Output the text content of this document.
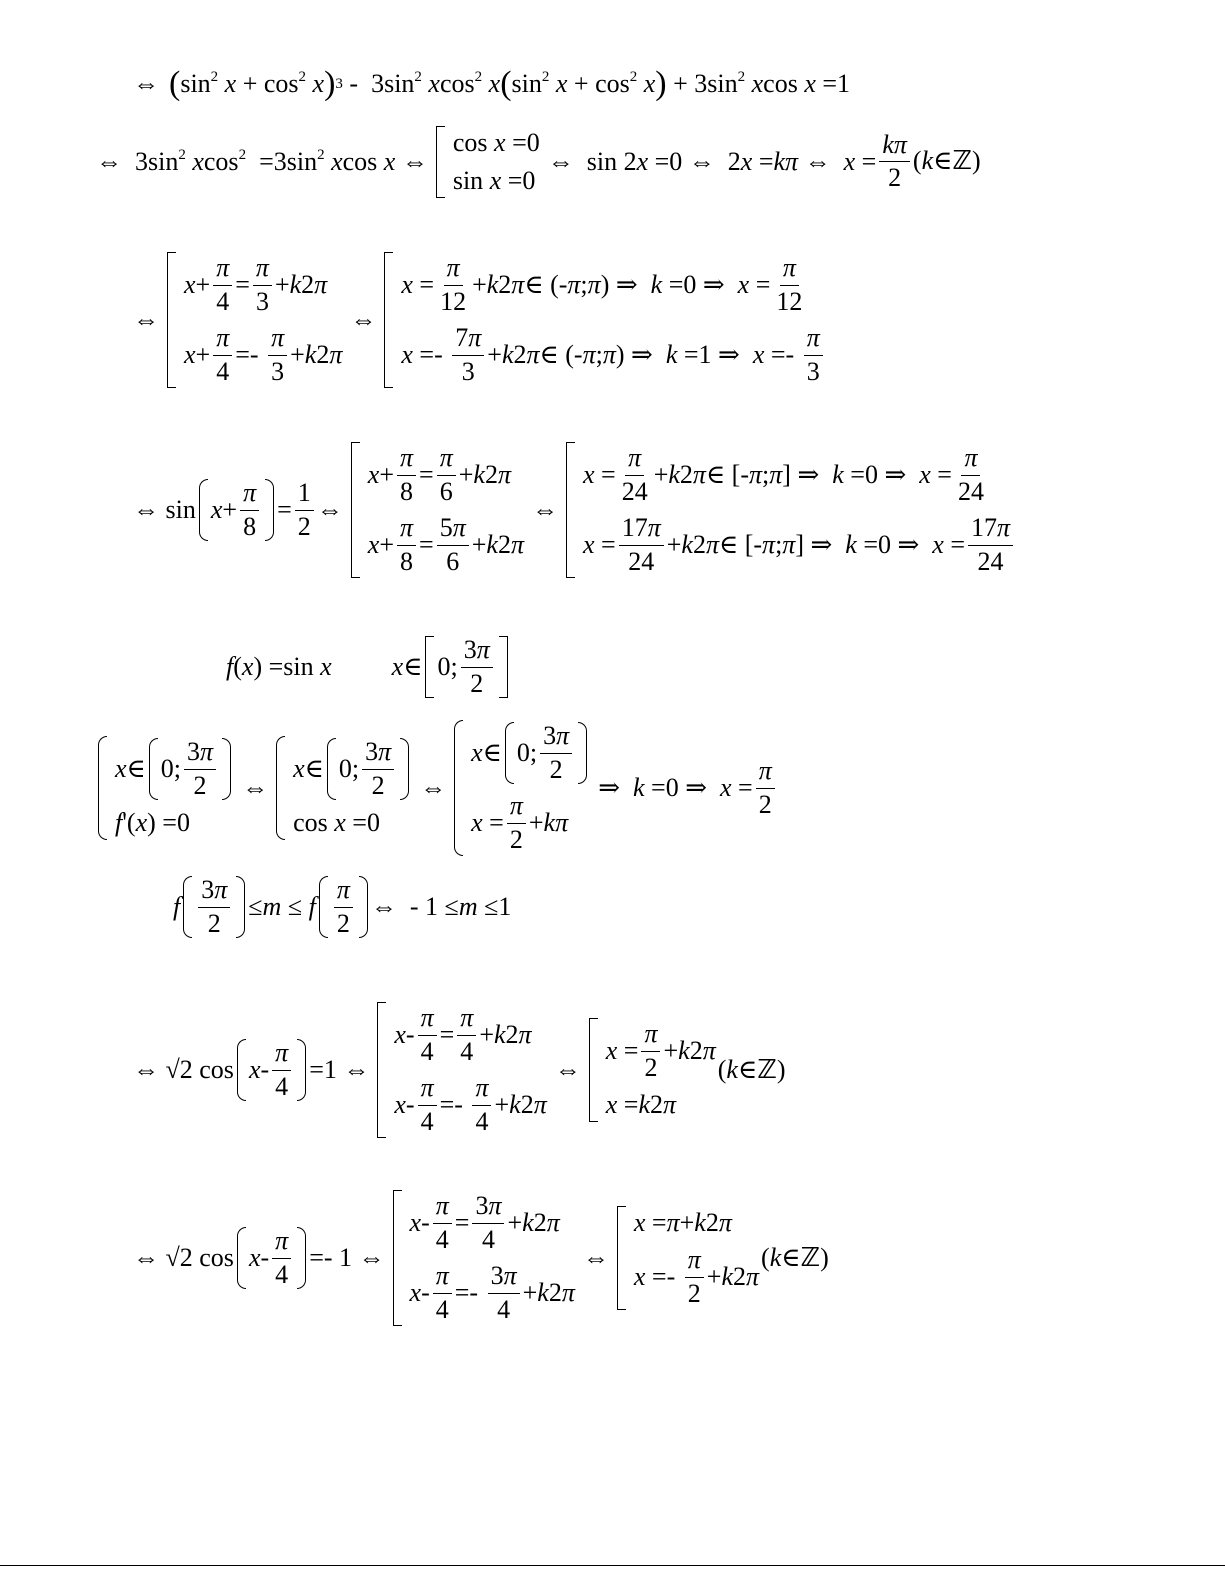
⇔ ( $\sin^2 x + \cos^2 x$ ) $3 - 3\sin^2$ xcos$^2$ x ( $\sin^2 x + \cos^2 x$ ) + $3\sin^2$ xcos x =1
⇔  $3\sin^2$ $xcos^2 =3\sin^2$ xcos x ⇔
cos x =0
sin x =0
⇔  sin 2x =0 ⇔  2x =kπ ⇔  $x = \frac{k\pi}{2}$ (k∈ℤ)
⇔
$x + \frac{\pi}{4} = \frac{\pi}{3} + k$ 2 π
$x + \frac{\pi}{4} =- \frac{\pi}{3} + k$ 2 π
⇔
$x = \frac{\pi}{12} + k$ 2 π ∈ (- π ; π ) ⇒ k =0 ⇒ $x = \frac{\pi}{12}$
$x =- \frac{7\pi}{3} + k$ 2 π ∈ (- π ; π ) ⇒ k =1 ⇒ $x =- \frac{\pi}{3}$
⇔ $\sin x + \frac{\pi}{8} = \frac{1}{2}$ ⇔
$x + \frac{\pi}{8} = \frac{\pi}{6} + k$ 2 π
$x + \frac{\pi}{8} = \frac{5\pi}{6} + k$ 2 π
⇔
$x = \frac{\pi}{24} + k$ 2 π ∈ [- π ; π ] ⇒ k =0 ⇒ $x = \frac{\pi}{24}$
$x = \frac{17\pi}{24} + k$ 2 π ∈ [- π ; π ] ⇒ k =0 ⇒ $x = \frac{17\pi}{24}$
f(x) =sin x x∈ 0; $\frac{3\pi}{2}$
x ∈ 0; $\frac{3\pi}{2}$
f '( x ) =0
⇔
x ∈ 0; $\frac{3\pi}{2}$
cos x =0
⇔
x ∈ 0; $\frac{3\pi}{2}$
$x = \frac{\pi}{2} + k\pi$
⇒  k =0 ⇒  $x = \frac{\pi}{2}$
f $\frac{3\pi}{2} \le m \le f \frac{\pi}{2}$ ⇔  - 1 ≤m ≤1
⇔ √2 $\cos x - \frac{\pi}{4} =1$ ⇔
$x - \frac{\pi}{4} = \frac{\pi}{4} + k$ 2 π
$x - \frac{\pi}{4} =- \frac{\pi}{4} + k$ 2 π
⇔
$x = \frac{\pi}{2} + k$ 2 π
x = k 2 π
(k∈ℤ)
⇔ √2 $\cos x - \frac{\pi}{4} =- 1$ ⇔
$x - \frac{\pi}{4} = \frac{3\pi}{4} + k$ 2 π
$x - \frac{\pi}{4} =- \frac{3\pi}{4} + k$ 2 π
⇔
x = π + k 2 π
$x =- \frac{\pi}{2} + k$ 2 π
(k∈ℤ)
